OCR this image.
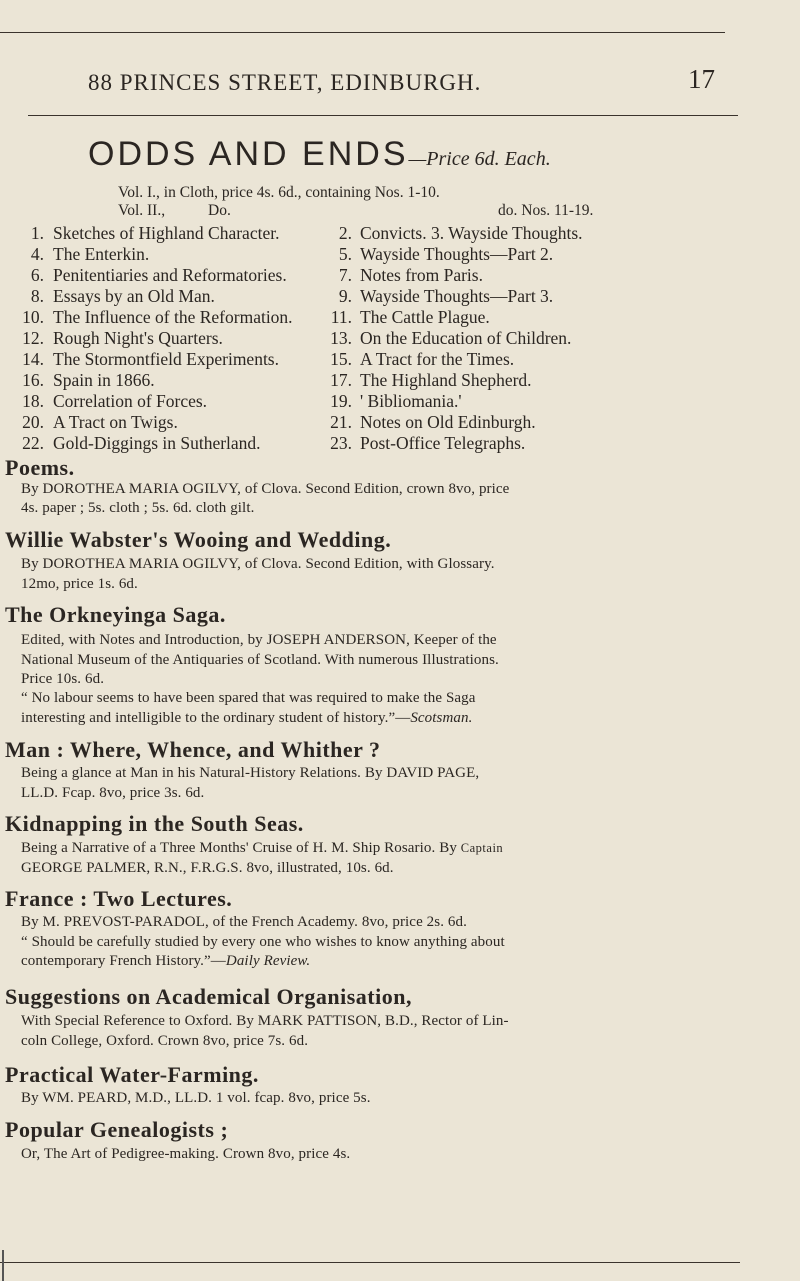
88 PRINCES STREET, EDINBURGH.	17
ODDS AND ENDS—Price 6d. Each.
Vol. I., in Cloth, price 4s. 6d., containing Nos. 1-10.
Vol. II.,	Do.	do. Nos. 11-19.
1. Sketches of Highland Character.	2. Convicts. 3. Wayside Thoughts.
4. The Enterkin.	5. Wayside Thoughts—Part 2.
6. Penitentiaries and Reformatories.	7. Notes from Paris.
8. Essays by an Old Man.	9. Wayside Thoughts—Part 3.
10. The Influence of the Reformation.	11. The Cattle Plague.
12. Rough Night's Quarters.	13. On the Education of Children.
14. The Stormontfield Experiments.	15. A Tract for the Times.
16. Spain in 1866.	17. The Highland Shepherd.
18. Correlation of Forces.	19. ' Bibliomania.'
20. A Tract on Twigs.	21. Notes on Old Edinburgh.
22. Gold-Diggings in Sutherland.	23. Post-Office Telegraphs.
Poems.
By DOROTHEA MARIA OGILVY, of Clova. Second Edition, crown 8vo, price
4s. paper ; 5s. cloth ; 5s. 6d. cloth gilt.
Willie Wabster's Wooing and Wedding.
By DOROTHEA MARIA OGILVY, of Clova. Second Edition, with Glossary.
12mo, price 1s. 6d.
The Orkneyinga Saga.
Edited, with Notes and Introduction, by JOSEPH ANDERSON, Keeper of the
National Museum of the Antiquaries of Scotland. With numerous Illustrations.
Price 10s. 6d.
“ No labour seems to have been spared that was required to make the Saga
interesting and intelligible to the ordinary student of history.”—Scotsman.
Man : Where, Whence, and Whither ?
Being a glance at Man in his Natural-History Relations. By DAVID PAGE,
LL.D. Fcap. 8vo, price 3s. 6d.
Kidnapping in the South Seas.
Being a Narrative of a Three Months' Cruise of H. M. Ship Rosario. By Captain
GEORGE PALMER, R.N., F.R.G.S. 8vo, illustrated, 10s. 6d.
France : Two Lectures.
By M. PREVOST-PARADOL, of the French Academy. 8vo, price 2s. 6d.
“ Should be carefully studied by every one who wishes to know anything about
contemporary French History.”—Daily Review.
Suggestions on Academical Organisation,
With Special Reference to Oxford. By MARK PATTISON, B.D., Rector of Lin-
coln College, Oxford. Crown 8vo, price 7s. 6d.
Practical Water-Farming.
By WM. PEARD, M.D., LL.D. 1 vol. fcap. 8vo, price 5s.
Popular Genealogists ;
Or, The Art of Pedigree-making. Crown 8vo, price 4s.
